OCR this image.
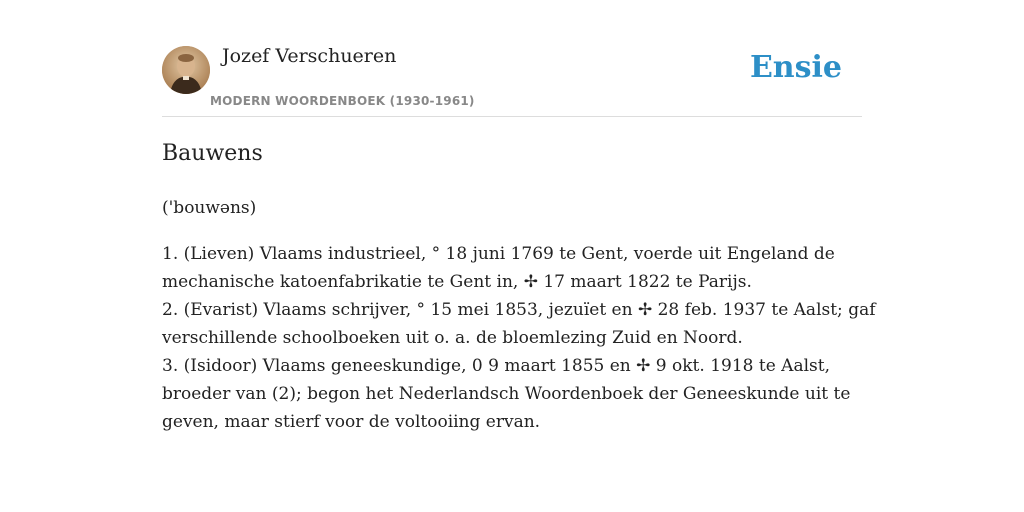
Jozef Verschueren
MODERN WOORDENBOEK (1930-1961)
Ensie
Bauwens

('bouwəns)

1. (Lieven) Vlaams industrieel, ° 18 juni 1769 te Gent, voerde uit Engeland de
mechanische katoenfabrikatie te Gent in, ✢ 17 maart 1822 te Parijs.
2. (Evarist) Vlaams schrijver, ° 15 mei 1853, jezuïet en ✢ 28 feb. 1937 te Aalst; gaf
verschillende schoolboeken uit o. a. de bloemlezing Zuid en Noord.
3. (Isidoor) Vlaams geneeskundige, 0 9 maart 1855 en ✢ 9 okt. 1918 te Aalst,
broeder van (2); begon het Nederlandsch Woordenboek der Geneeskunde uit te
geven, maar stierf voor de voltooiing ervan.
